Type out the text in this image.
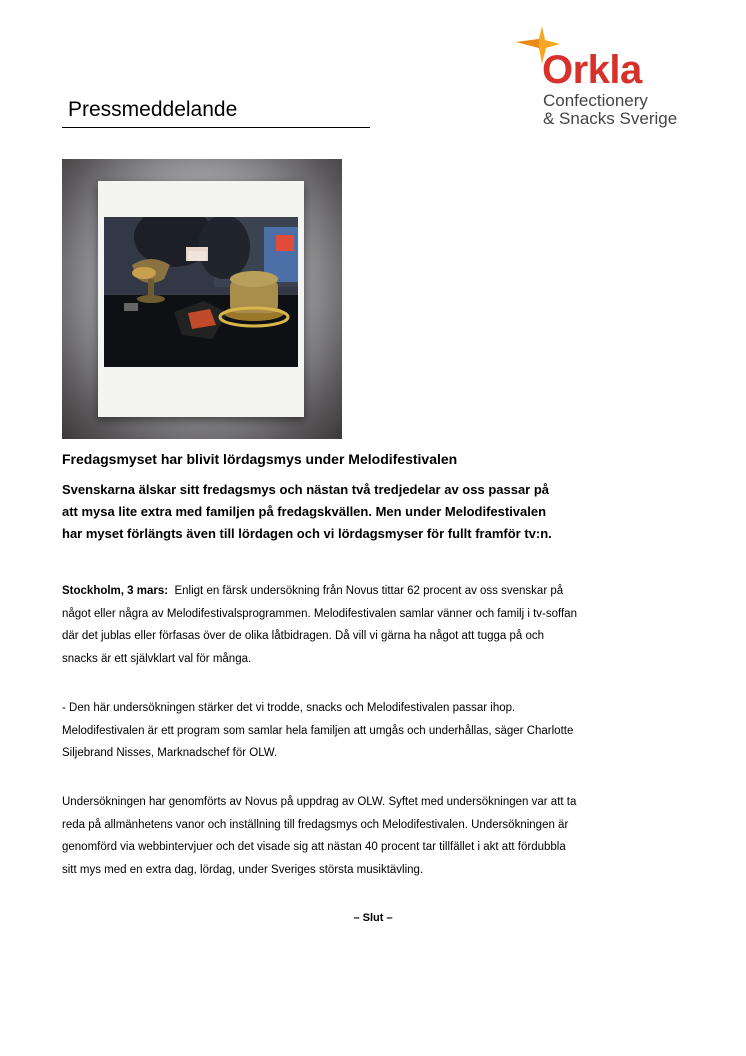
Pressmeddelande
Orkla
Confectionery
& Snacks Sverige
Fredagsmyset har blivit lördagsmys under Melodifestivalen
Svenskarna älskar sitt fredagsmys och nästan två tredjedelar av oss passar på
att mysa lite extra med familjen på fredagskvällen. Men under Melodifestivalen
har myset förlängts även till lördagen och vi lördagsmyser för fullt framför tv:n.
Stockholm, 3 mars: Enligt en färsk undersökning från Novus tittar 62 procent av oss svenskar på
något eller några av Melodifestivalsprogrammen. Melodifestivalen samlar vänner och familj i tv-soffan
där det jublas eller förfasas över de olika låtbidragen. Då vill vi gärna ha något att tugga på och
snacks är ett självklart val för många.
- Den här undersökningen stärker det vi trodde, snacks och Melodifestivalen passar ihop.
Melodifestivalen är ett program som samlar hela familjen att umgås och underhållas, säger Charlotte
Siljebrand Nisses, Marknadschef för OLW.
Undersökningen har genomförts av Novus på uppdrag av OLW. Syftet med undersökningen var att ta
reda på allmänhetens vanor och inställning till fredagsmys och Melodifestivalen. Undersökningen är
genomförd via webbintervjuer och det visade sig att nästan 40 procent tar tillfället i akt att fördubbla
sitt mys med en extra dag, lördag, under Sveriges största musiktävling.
– Slut –
